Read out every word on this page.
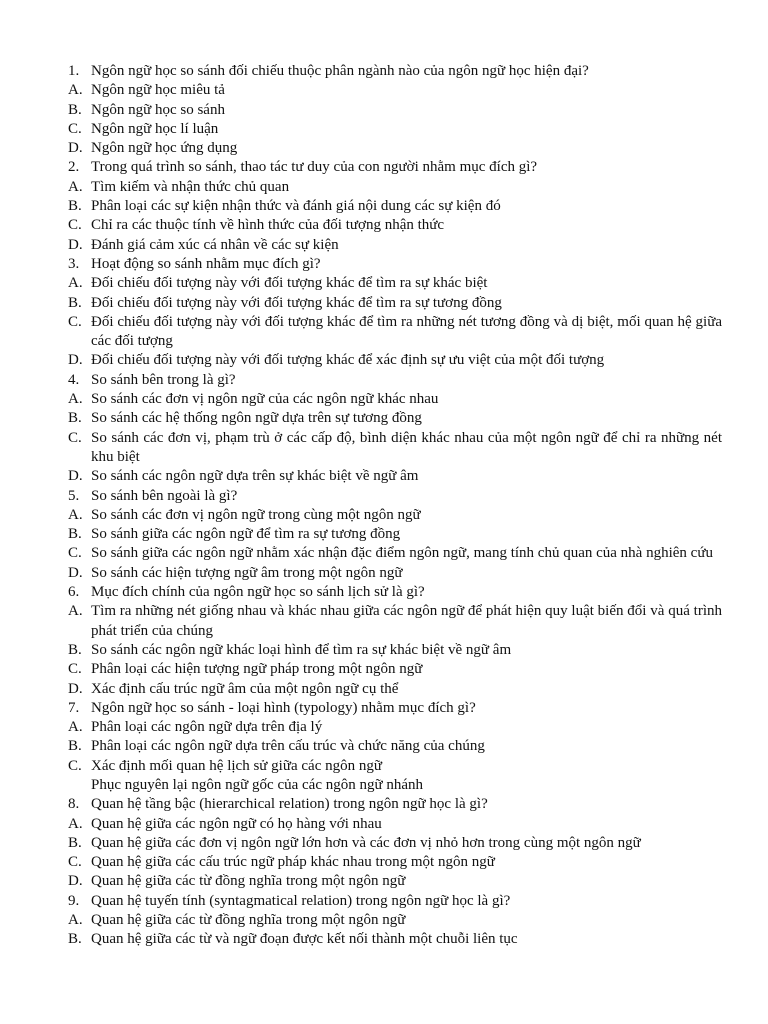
1. Ngôn ngữ học so sánh đối chiếu thuộc phân ngành nào của ngôn ngữ học hiện đại?
A. Ngôn ngữ học miêu tả
B. Ngôn ngữ học so sánh
C. Ngôn ngữ học lí luận
D. Ngôn ngữ học ứng dụng
2. Trong quá trình so sánh, thao tác tư duy của con người nhằm mục đích gì?
A. Tìm kiếm và nhận thức chủ quan
B. Phân loại các sự kiện nhận thức và đánh giá nội dung các sự kiện đó
C. Chỉ ra các thuộc tính về hình thức của đối tượng nhận thức
D. Đánh giá cảm xúc cá nhân về các sự kiện
3. Hoạt động so sánh nhằm mục đích gì?
A. Đối chiếu đối tượng này với đối tượng khác để tìm ra sự khác biệt
B. Đối chiếu đối tượng này với đối tượng khác để tìm ra sự tương đồng
C. Đối chiếu đối tượng này với đối tượng khác để tìm ra những nét tương đồng và dị biệt, mối quan hệ giữa các đối tượng
D. Đối chiếu đối tượng này với đối tượng khác để xác định sự ưu việt của một đối tượng
4. So sánh bên trong là gì?
A. So sánh các đơn vị ngôn ngữ của các ngôn ngữ khác nhau
B. So sánh các hệ thống ngôn ngữ dựa trên sự tương đồng
C. So sánh các đơn vị, phạm trù ở các cấp độ, bình diện khác nhau của một ngôn ngữ để chỉ ra những nét khu biệt
D. So sánh các ngôn ngữ dựa trên sự khác biệt về ngữ âm
5. So sánh bên ngoài là gì?
A. So sánh các đơn vị ngôn ngữ trong cùng một ngôn ngữ
B. So sánh giữa các ngôn ngữ để tìm ra sự tương đồng
C. So sánh giữa các ngôn ngữ nhằm xác nhận đặc điểm ngôn ngữ, mang tính chủ quan của nhà nghiên cứu
D. So sánh các hiện tượng ngữ âm trong một ngôn ngữ
6. Mục đích chính của ngôn ngữ học so sánh lịch sử là gì?
A. Tìm ra những nét giống nhau và khác nhau giữa các ngôn ngữ để phát hiện quy luật biến đổi và quá trình phát triển của chúng
B. So sánh các ngôn ngữ khác loại hình để tìm ra sự khác biệt về ngữ âm
C. Phân loại các hiện tượng ngữ pháp trong một ngôn ngữ
D. Xác định cấu trúc ngữ âm của một ngôn ngữ cụ thể
7. Ngôn ngữ học so sánh - loại hình (typology) nhằm mục đích gì?
A. Phân loại các ngôn ngữ dựa trên địa lý
B. Phân loại các ngôn ngữ dựa trên cấu trúc và chức năng của chúng
C. Xác định mối quan hệ lịch sử giữa các ngôn ngữ
Phục nguyên lại ngôn ngữ gốc của các ngôn ngữ nhánh
8. Quan hệ tầng bậc (hierarchical relation) trong ngôn ngữ học là gì?
A. Quan hệ giữa các ngôn ngữ có họ hàng với nhau
B. Quan hệ giữa các đơn vị ngôn ngữ lớn hơn và các đơn vị nhỏ hơn trong cùng một ngôn ngữ
C. Quan hệ giữa các cấu trúc ngữ pháp khác nhau trong một ngôn ngữ
D. Quan hệ giữa các từ đồng nghĩa trong một ngôn ngữ
9. Quan hệ tuyến tính (syntagmatical relation) trong ngôn ngữ học là gì?
A. Quan hệ giữa các từ đồng nghĩa trong một ngôn ngữ
B. Quan hệ giữa các từ và ngữ đoạn được kết nối thành một chuỗi liên tục
